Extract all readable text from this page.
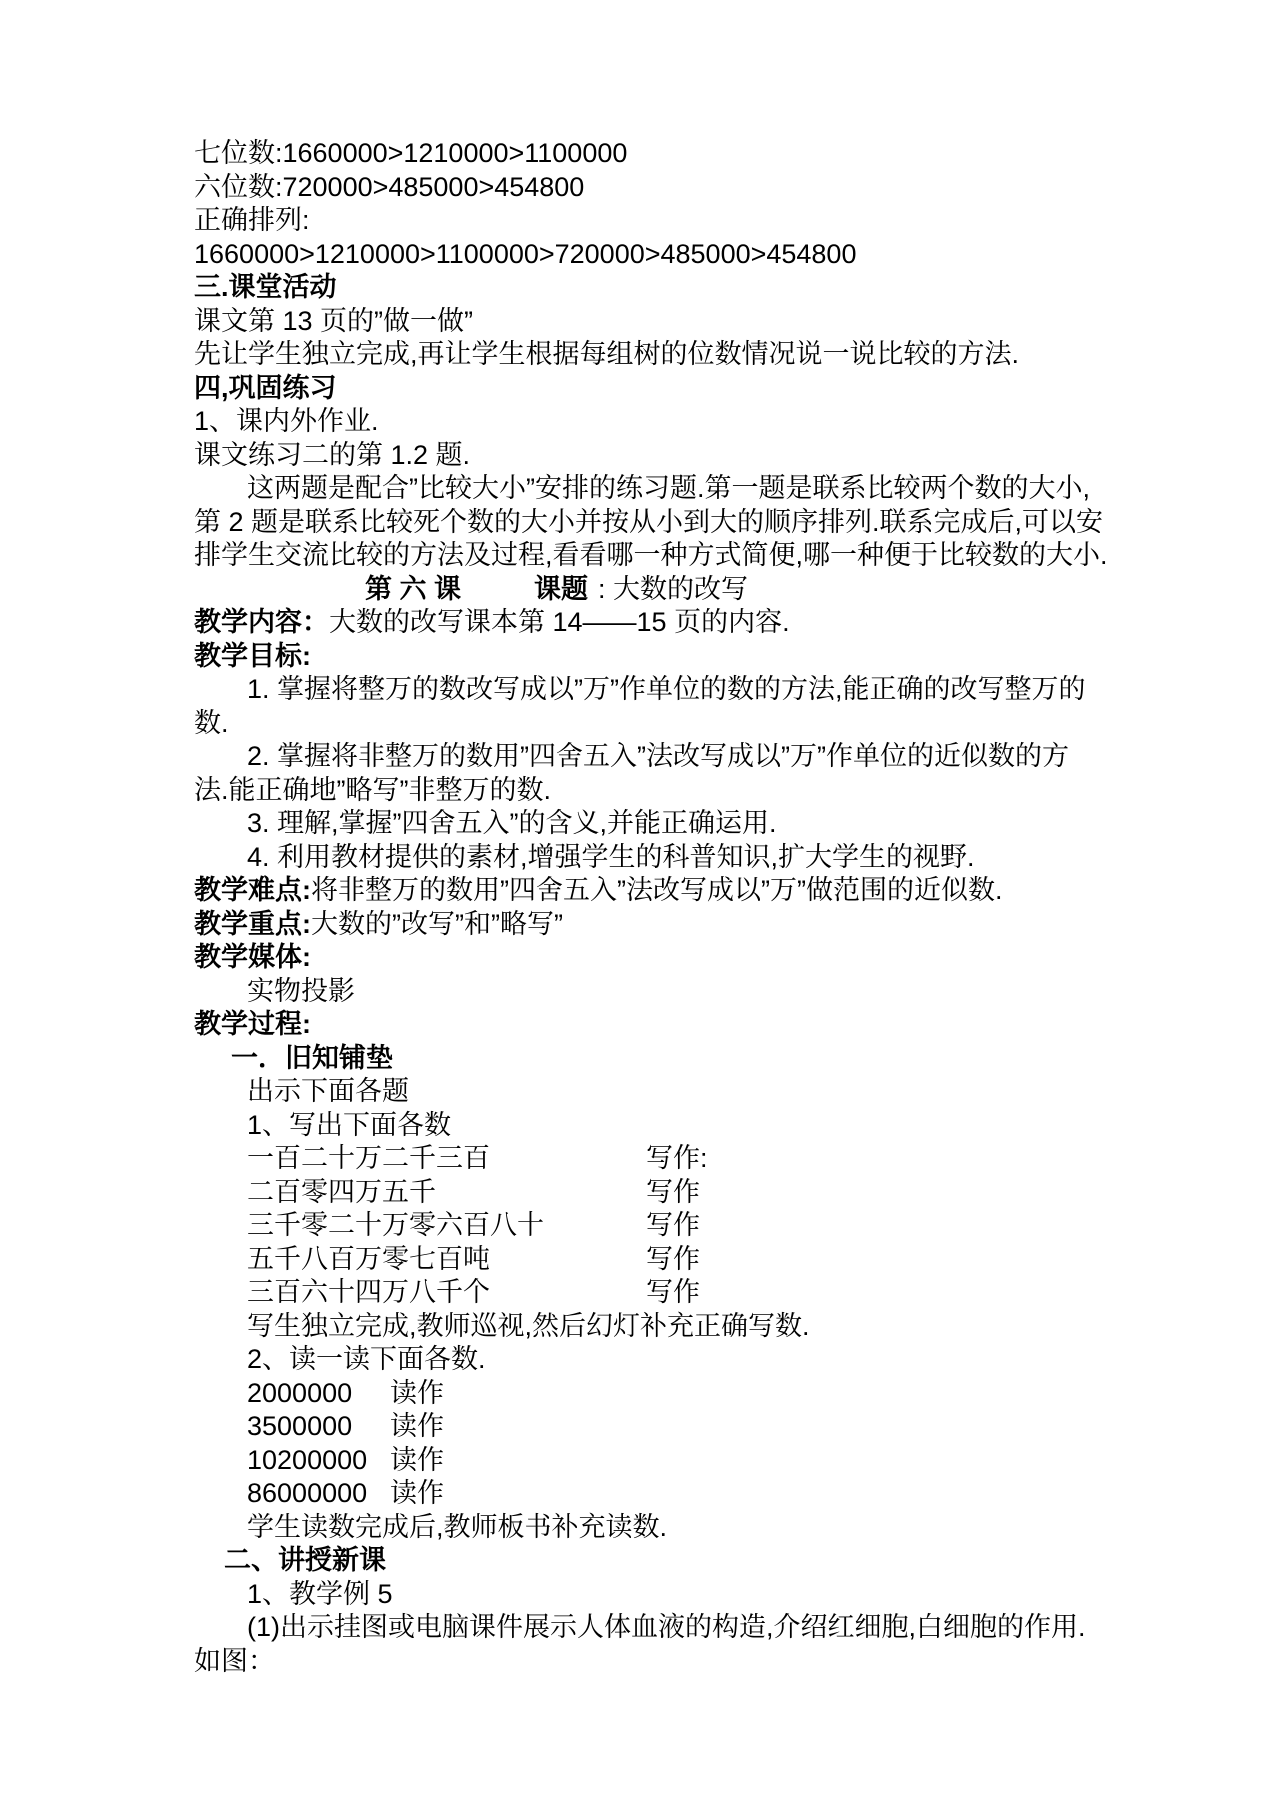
七位数:1660000>1210000>1100000
六位数:720000>485000>454800
正确排列:
1660000>1210000>1100000>720000>485000>454800
三.课堂活动
课文第 13 页的”做一做”
先让学生独立完成,再让学生根据每组树的位数情况说一说比较的方法.
四,巩固练习
1、课内外作业.
课文练习二的第 1.2 题.
这两题是配合”比较大小”安排的练习题.第一题是联系比较两个数的大小,
第 2 题是联系比较死个数的大小并按从小到大的顺序排列.联系完成后,可以安
排学生交流比较的方法及过程,看看哪一种方式简便,哪一种便于比较数的大小.
第 六 课	课题 : 大数的改写
教学内容：大数的改写课本第 14——15 页的内容.
教学目标:
1. 掌握将整万的数改写成以”万”作单位的数的方法,能正确的改写整万的
数.
2. 掌握将非整万的数用”四舍五入”法改写成以”万”作单位的近似数的方
法.能正确地”略写”非整万的数.
3. 理解,掌握”四舍五入”的含义,并能正确运用.
4. 利用教材提供的素材,增强学生的科普知识,扩大学生的视野.
教学难点:将非整万的数用”四舍五入”法改写成以”万”做范围的近似数.
教学重点:大数的”改写”和”略写”
教学媒体:
实物投影
教学过程:
一．旧知铺垫
出示下面各题
1、写出下面各数
一百二十万二千三百	写作:
二百零四万五千	写作
三千零二十万零六百八十	写作
五千八百万零七百吨	写作
三百六十四万八千个	写作
写生独立完成,教师巡视,然后幻灯补充正确写数.
2、读一读下面各数.
2000000 读作
3500000 读作
10200000 读作
86000000 读作
学生读数完成后,教师板书补充读数.
二、讲授新课
1、教学例 5
(1)出示挂图或电脑课件展示人体血液的构造,介绍红细胞,白细胞的作用.
如图：
